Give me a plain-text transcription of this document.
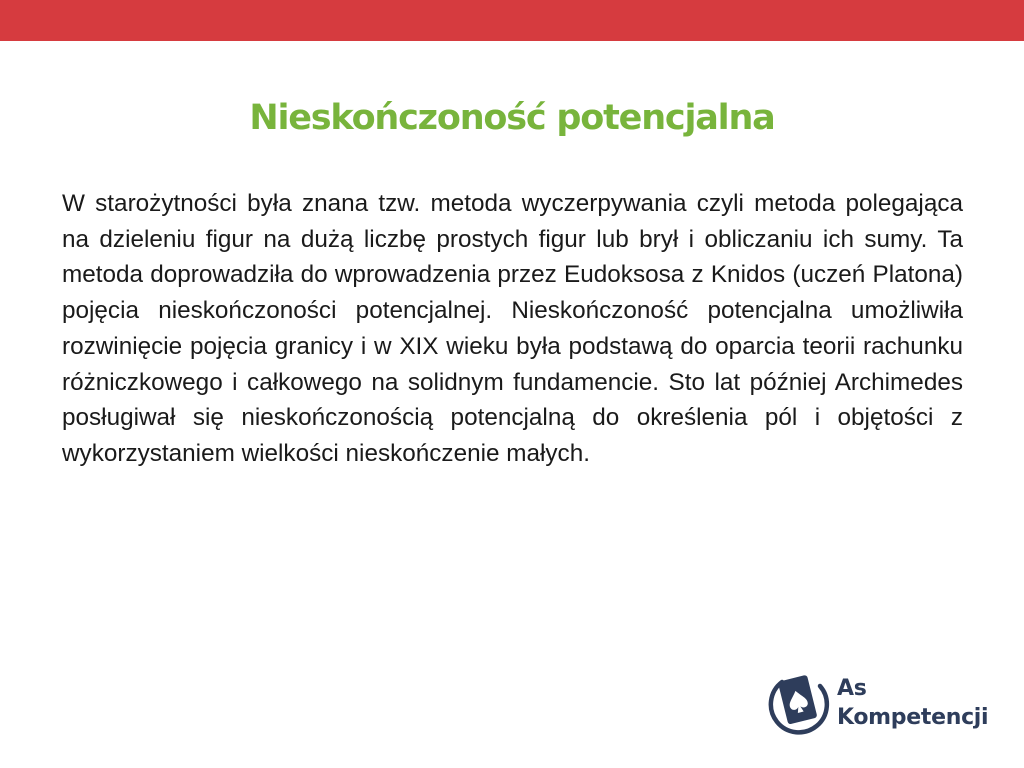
Nieskończoność potencjalna

W starożytności była znana tzw. metoda wyczerpywania czyli metoda polegająca na dzieleniu figur na dużą liczbę prostych figur lub brył i obliczaniu ich sumy. Ta metoda doprowadziła do wprowadzenia przez Eudoksosa z Knidos (uczeń Platona) pojęcia nieskończoności potencjalnej. Nieskończoność potencjalna umożliwiła rozwinięcie pojęcia granicy i w XIX wieku była podstawą do oparcia teorii rachunku różniczkowego i całkowego na solidnym fundamencie. Sto lat później Archimedes posługiwał się nieskończonością potencjalną do określenia pól i objętości z wykorzystaniem wielkości nieskończenie małych.

As
Kompetencji
